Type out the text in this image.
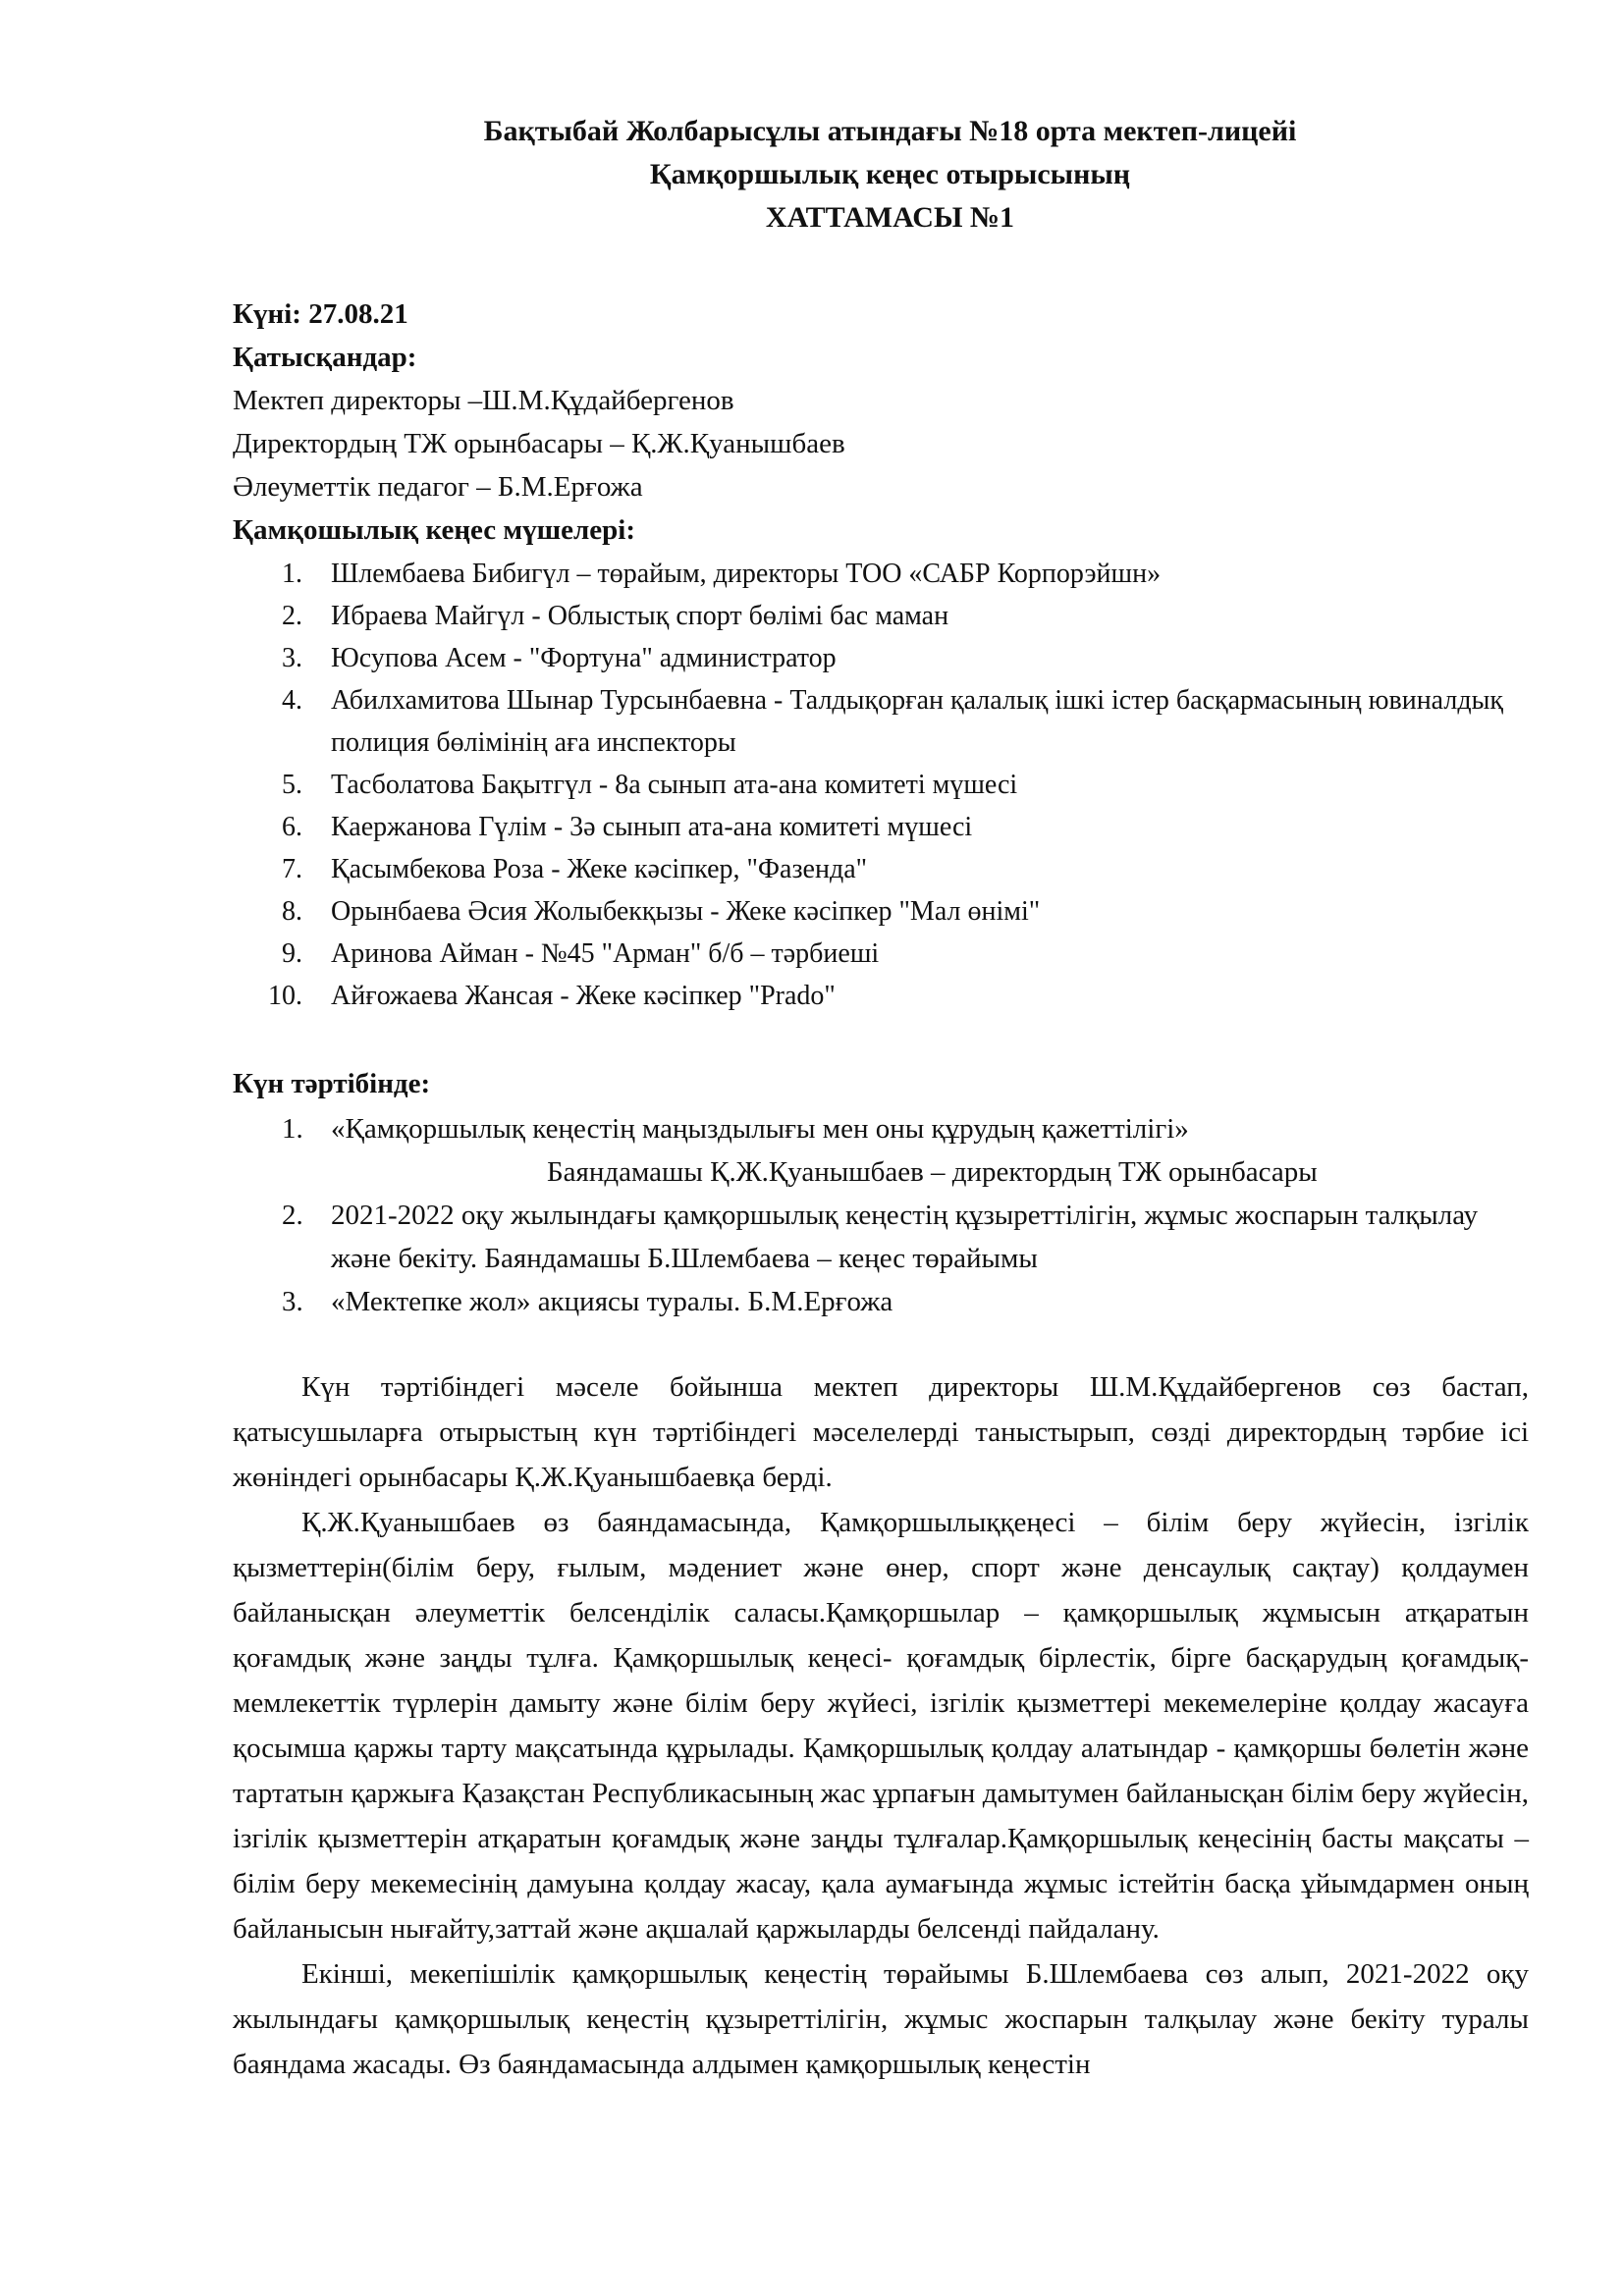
Бақтыбай Жолбарысұлы атындағы №18 орта мектеп-лицейі
Қамқоршылық кеңес отырысының
ХАТТАМАСЫ №1
Күні: 27.08.21
Қатысқандар:
Мектеп директоры –Ш.М.Құдайбергенов
Директордың ТЖ орынбасары – Қ.Ж.Қуанышбаев
Әлеуметтік педагог – Б.М.Ерғожа
Қамқошылық кеңес мүшелері:
1. Шлембаева Бибигүл – төрайым, директоры ТОО «САБР Корпорэйшн»
2. Ибраева Майгүл - Облыстық спорт бөлімі бас маман
3. Юсупова Асем - "Фортуна" администратор
4. Абилхамитова Шынар Турсынбаевна - Талдықорған қалалық ішкі істер басқармасының ювиналдық полиция бөлімінің аға инспекторы
5. Тасболатова Бақытгүл - 8а сынып ата-ана комитеті мүшесі
6. Каержанова Гүлім - 3ә сынып ата-ана комитеті мүшесі
7. Қасымбекова Роза - Жеке кәсіпкер, "Фазенда"
8. Орынбаева Әсия Жолыбекқызы - Жеке кәсіпкер "Мал өнімі"
9. Аринова Айман - №45 "Арман" б/б – тәрбиеші
10. Айғожаева Жансая - Жеке кәсіпкер "Prado"
Күн тәртібінде:
1. «Қамқоршылық кеңестің маңыздылығы мен оны құрудың қажеттілігі»
Баяндамашы Қ.Ж.Қуанышбаев – директордың ТЖ орынбасары
2. 2021-2022 оқу жылындағы қамқоршылық кеңестің құзыреттілігін, жұмыс жоспарын талқылау және бекіту. Баяндамашы Б.Шлембаева – кеңес төрайымы
3. «Мектепке жол» акциясы туралы. Б.М.Ерғожа

Күн тәртібіндегі мәселе бойынша мектеп директоры Ш.М.Құдайбергенов сөз бастап, қатысушыларға отырыстың күн тәртібіндегі мәселелерді таныстырып, сөзді директордың тәрбие ісі жөніндегі орынбасары Қ.Ж.Қуанышбаевқа берді.

Қ.Ж.Қуанышбаев өз баяндамасында, Қамқоршылыққеңесі – білім беру жүйесін, ізгілік қызметтерін(білім беру, ғылым, мәдениет және өнер, спорт және денсаулық сақтау) қолдаумен байланысқан әлеуметтік белсенділік саласы.Қамқоршылар – қамқоршылық жұмысын атқаратын қоғамдық және заңды тұлға. Қамқоршылық кеңесі- қоғамдық бірлестік, бірге басқарудың қоғамдық-мемлекеттік түрлерін дамыту және білім беру жүйесі, ізгілік қызметтері мекемелеріне қолдау жасауға қосымша қаржы тарту мақсатында құрылады. Қамқоршылық қолдау алатындар - қамқоршы бөлетін және тартатын қаржыға Қазақстан Республикасының жас ұрпағын дамытумен байланысқан білім беру жүйесін, ізгілік қызметтерін атқаратын қоғамдық және заңды тұлғалар.Қамқоршылық кеңесінің басты мақсаты – білім беру мекемесінің дамуына қолдау жасау, қала аумағында жұмыс істейтін басқа ұйымдармен оның байланысын нығайту,заттай және ақшалай қаржыларды белсенді пайдалану.

Екінші, мекепішілік қамқоршылық кеңестің төрайымы Б.Шлембаева сөз алып, 2021-2022 оқу жылындағы қамқоршылық кеңестің құзыреттілігін, жұмыс жоспарын талқылау және бекіту туралы баяндама жасады. Өз баяндамасында алдымен қамқоршылық кеңестін
